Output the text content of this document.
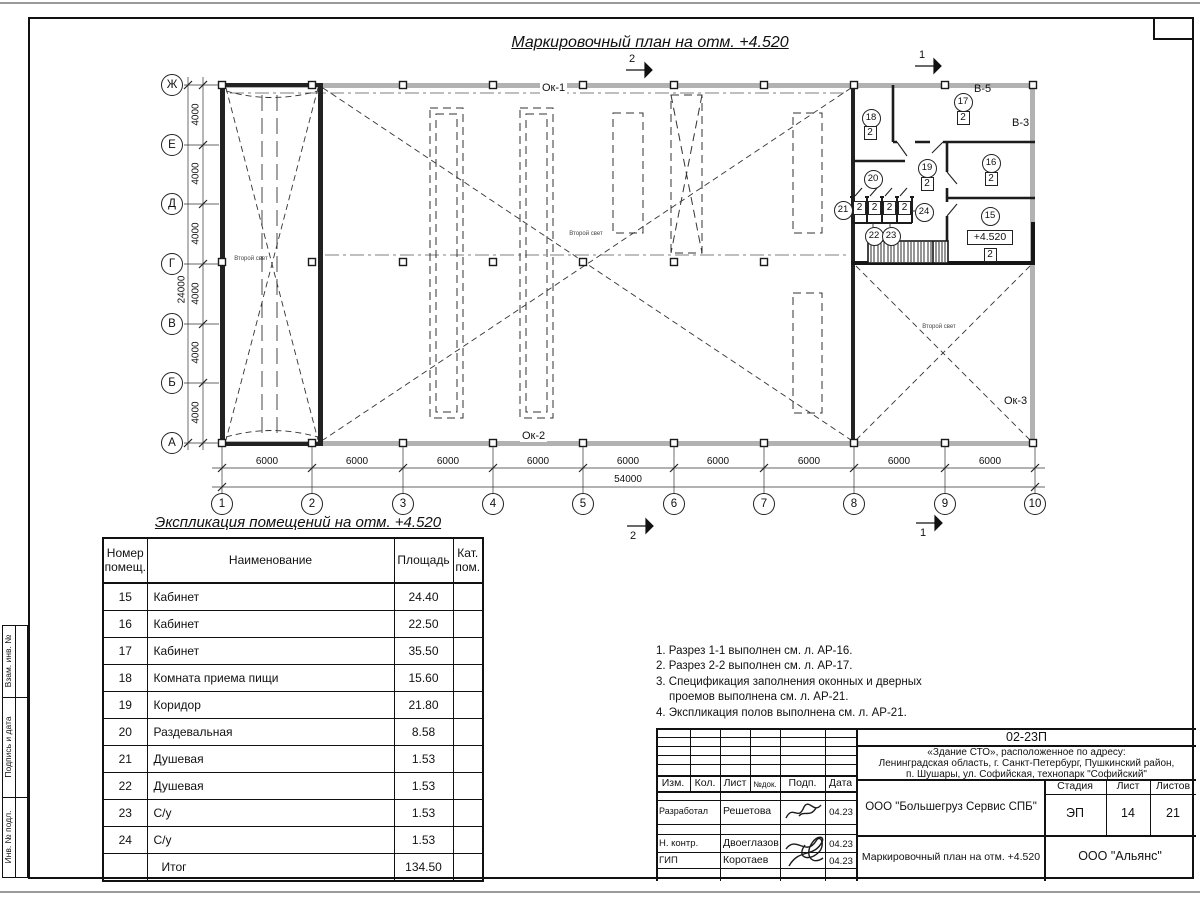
Взам. инв. №
Подпись и дата
Инв. № подл.
Маркировочный план на отм. +4.520
2	1
2	1
Ок-1
Ок-2
Ок-3
В-5
В-3
Второй свет
Второй свет
Второй свет
+4.520
18
17
19	16
20
21
22 23
24	15
2
2
2	2
2
2 2 2 2
1	2	3	4	5	6	7	8	9	10
Ж
Е
Д
Г
В
Б
А
6000	6000	6000	6000	6000	6000	6000	6000	6000
54000
4000
4000
4000
4000
4000
4000
24000
Экспликация помещений на отм. +4.520
Номер помещ.	Наименование	Площадь	Кат. пом.
15	Кабинет	24.40	
16	Кабинет	22.50	
17	Кабинет	35.50	
18	Комната приема пищи	15.60	
19	Коридор	21.80	
20	Раздевальная	8.58	
21	Душевая	1.53	
22	Душевая	1.53	
23	С/у	1.53	
24	С/у	1.53	
	Итог	134.50	
1. Разрез 1-1 выполнен см. л. АР-16.
2. Разрез 2-2 выполнен см. л. АР-17.
3. Спецификация заполнения оконных и дверных проемов выполнена см. л. АР-21.
4. Экспликация полов выполнена см. л. АР-21.
Изм. Кол. Лист №док.	Подп.	Дата
Разработал Решетова	04.23
Н. контр. Двоеглазов	04.23
ГИП	Коротаев	04.23
02-23П
«Здание СТО», расположенное по адресу:
Ленинградская область, г. Санкт-Петербург, Пушкинский район,
п. Шушары, ул. Софийская, технопарк "Софийский"
ООО "Большегруз Сервис СПБ"
Стадия	Лист	Листов
ЭП	14	21
Маркировочный план на отм. +4.520	ООО "Альянс"
